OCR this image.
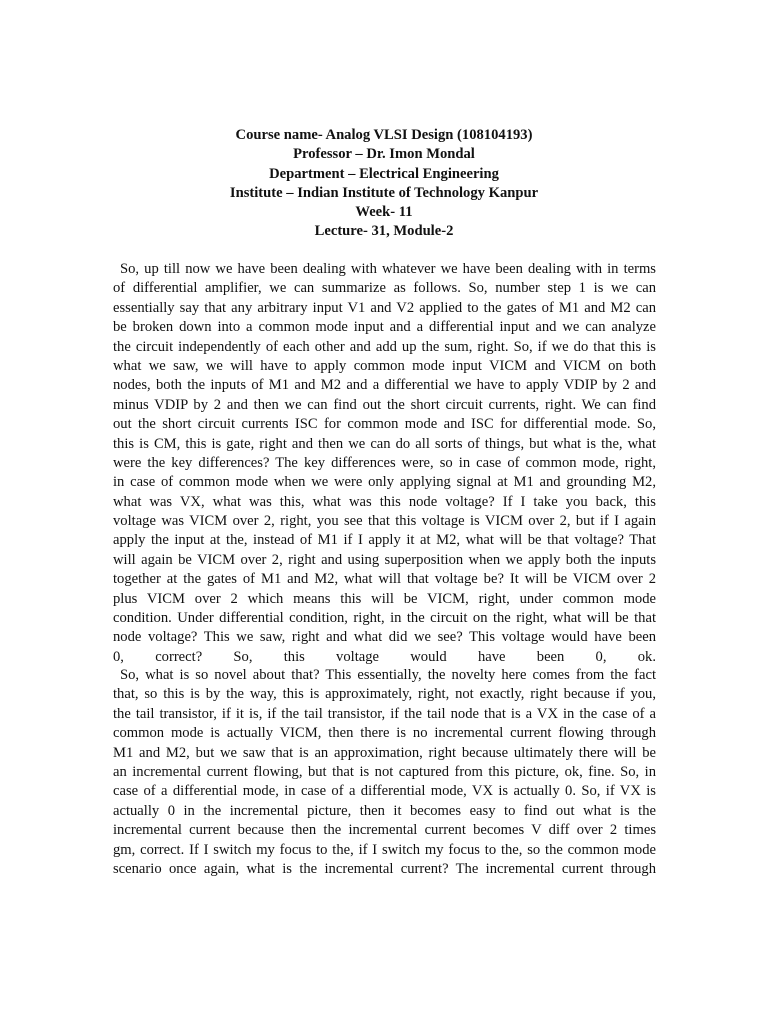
Course name- Analog VLSI Design (108104193)
Professor – Dr. Imon Mondal
Department – Electrical Engineering
Institute – Indian Institute of Technology Kanpur
Week- 11
Lecture- 31, Module-2
So, up till now we have been dealing with whatever we have been dealing with in terms
of differential amplifier, we can summarize as follows. So, number step 1 is we can
essentially say that any arbitrary input V1 and V2 applied to the gates of M1 and M2 can
be broken down into a common mode input and a differential input and we can analyze
the circuit independently of each other and add up the sum, right. So, if we do that this is
what we saw, we will have to apply common mode input VICM and VICM on both
nodes, both the inputs of M1 and M2 and a differential we have to apply VDIP by 2 and
minus VDIP by 2 and then we can find out the short circuit currents, right. We can find
out the short circuit currents ISC for common mode and ISC for differential mode. So,
this is CM, this is gate, right and then we can do all sorts of things, but what is the, what
were the key differences? The key differences were, so in case of common mode, right,
in case of common mode when we were only applying signal at M1 and grounding M2,
what was VX, what was this, what was this node voltage? If I take you back, this
voltage was VICM over 2, right, you see that this voltage is VICM over 2, but if I again
apply the input at the, instead of M1 if I apply it at M2, what will be that voltage? That
will again be VICM over 2, right and using superposition when we apply both the inputs
together at the gates of M1 and M2, what will that voltage be? It will be VICM over 2
plus VICM over 2 which means this will be VICM, right, under common mode
condition. Under differential condition, right, in the circuit on the right, what will be that
node voltage? This we saw, right and what did we see? This voltage would have been
0, correct? So, this voltage would have been 0, ok.
So, what is so novel about that? This essentially, the novelty here comes from the fact
that, so this is by the way, this is approximately, right, not exactly, right because if you,
the tail transistor, if it is, if the tail transistor, if the tail node that is a VX in the case of a
common mode is actually VICM, then there is no incremental current flowing through
M1 and M2, but we saw that is an approximation, right because ultimately there will be
an incremental current flowing, but that is not captured from this picture, ok, fine. So, in
case of a differential mode, in case of a differential mode, VX is actually 0. So, if VX is
actually 0 in the incremental picture, then it becomes easy to find out what is the
incremental current because then the incremental current becomes V diff over 2 times
gm, correct. If I switch my focus to the, if I switch my focus to the, so the common mode
scenario once again, what is the incremental current? The incremental current through
